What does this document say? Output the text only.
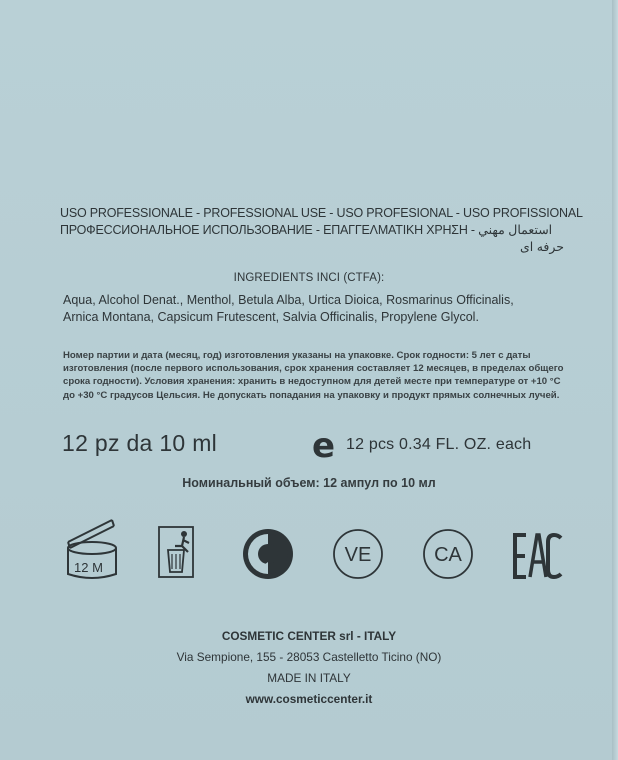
USO PROFESSIONALE - PROFESSIONAL USE - USO PROFESIONAL - USO PROFISSIONAL
ПРОФЕССИОНАЛЬНОЕ ИСПОЛЬЗОВАНИЕ - ΕΠΑΓΓΕΛΜΑΤΙΚΗ ΧΡΗΣΗ - استعمال مهني
حرفه ای
INGREDIENTS INCI (CTFA):
Aqua, Alcohol Denat., Menthol, Betula Alba, Urtica Dioica, Rosmarinus Officinalis,
Arnica Montana, Capsicum Frutescent, Salvia Officinalis, Propylene Glycol.
Номер партии и дата (месяц, год) изготовления указаны на упаковке. Срок годности: 5 лет с даты
изготовления (после первого использования, срок хранения составляет 12 месяцев, в пределах общего
срока годности). Условия хранения: хранить в недоступном для детей месте при температуре от +10 °С
до +30 °С градусов Цельсия. Не допускать попадания на упаковку и продукт прямых солнечных лучей.
12 pz da 10 ml	e 12 pcs 0.34 FL. OZ. each
Номинальный объем: 12 ампул по 10 мл
12 M
VE	CA
COSMETIC CENTER srl - ITALY
Via Sempione, 155 - 28053 Castelletto Ticino (NO)
MADE IN ITALY
www.cosmeticcenter.it
